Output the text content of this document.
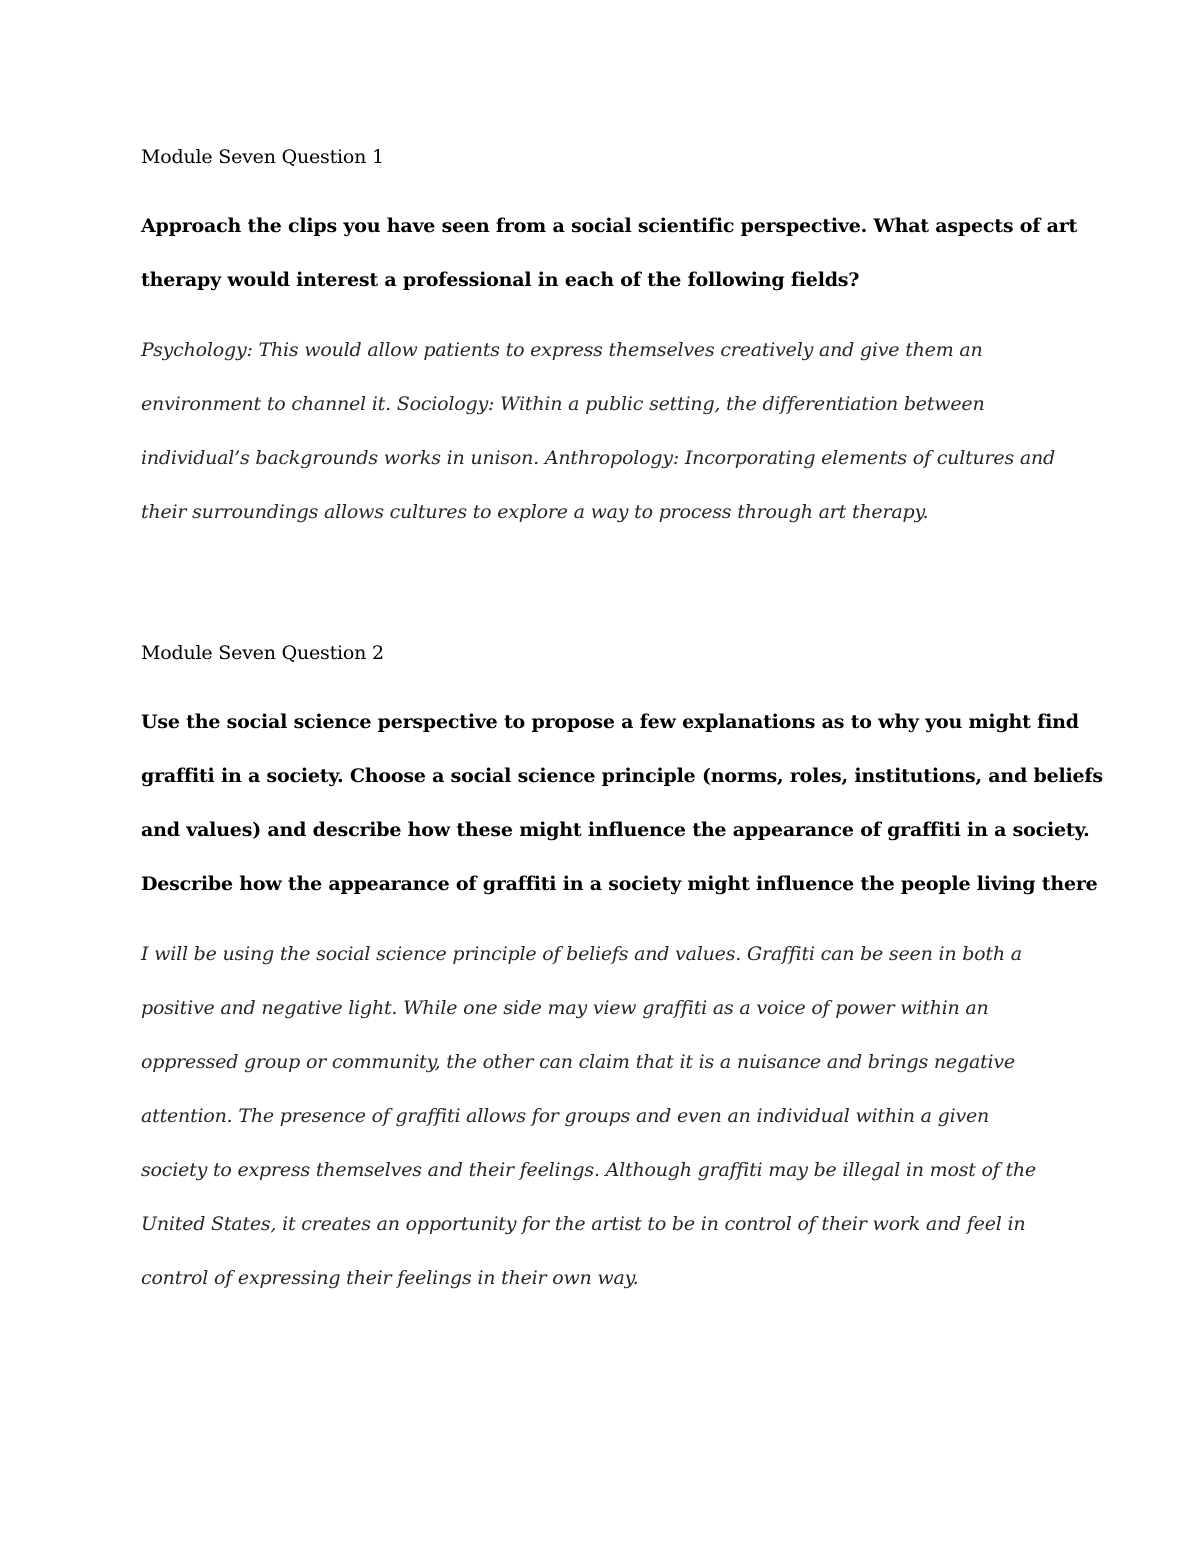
Module Seven Question 1
Approach the clips you have seen from a social scientific perspective. What aspects of art
therapy would interest a professional in each of the following fields?
Psychology: This would allow patients to express themselves creatively and give them an
environment to channel it. Sociology: Within a public setting, the differentiation between
individual’s backgrounds works in unison. Anthropology: Incorporating elements of cultures and
their surroundings allows cultures to explore a way to process through art therapy.
Module Seven Question 2
Use the social science perspective to propose a few explanations as to why you might find
graffiti in a society. Choose a social science principle (norms, roles, institutions, and beliefs
and values) and describe how these might influence the appearance of graffiti in a society.
Describe how the appearance of graffiti in a society might influence the people living there
I will be using the social science principle of beliefs and values. Graffiti can be seen in both a
positive and negative light. While one side may view graffiti as a voice of power within an
oppressed group or community, the other can claim that it is a nuisance and brings negative
attention. The presence of graffiti allows for groups and even an individual within a given
society to express themselves and their feelings. Although graffiti may be illegal in most of the
United States, it creates an opportunity for the artist to be in control of their work and feel in
control of expressing their feelings in their own way.
